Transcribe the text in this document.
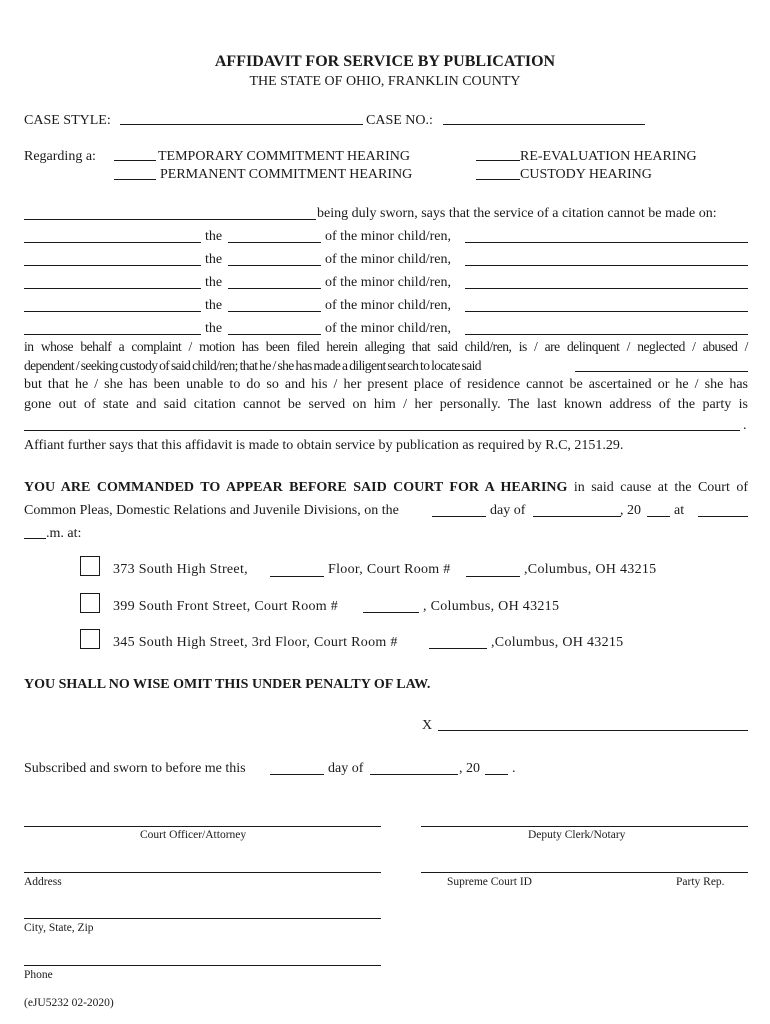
AFFIDAVIT FOR SERVICE BY PUBLICATION
THE STATE OF OHIO, FRANKLIN COUNTY
CASE STYLE:	CASE NO.:
Regarding a:	TEMPORARY COMMITMENT HEARING
PERMANENT COMMITMENT HEARING
RE-EVALUATION HEARING
CUSTODY HEARING
being duly sworn, says that the service of a citation cannot be made on:
the	of the minor child/ren,
the	of the minor child/ren,
the	of the minor child/ren,
the	of the minor child/ren,
the	of the minor child/ren,
in whose behalf a complaint / motion has been filed herein alleging that said child/ren, is / are delinquent / neglected / abused /
dependent / seeking custody of said child/ren; that he / she has made a diligent search to locate said
but that he / she has been unable to do so and his / her present place of residence cannot be ascertained or he / she has
gone out of state and said citation cannot be served on him / her personally. The last known address of the party is
.
Affiant further says that this affidavit is made to obtain service by publication as required by R.C, 2151.29.
YOU ARE COMMANDED TO APPEAR BEFORE SAID COURT FOR A HEARING in said cause at the Court of
Common Pleas, Domestic Relations and Juvenile Divisions, on the	day of	, 20 at
.m. at:
373 South High Street,	Floor, Court Room #	,Columbus, OH 43215
399 South Front Street, Court Room #	, Columbus, OH 43215
345 South High Street, 3rd Floor, Court Room #	,Columbus, OH 43215
YOU SHALL NO WISE OMIT THIS UNDER PENALTY OF LAW.
X
Subscribed and sworn to before me this	day of	, 20 .
Court Officer/Attorney	Deputy Clerk/Notary
Address	Supreme Court ID	Party Rep.
City, State, Zip
Phone
(eJU5232 02-2020)
